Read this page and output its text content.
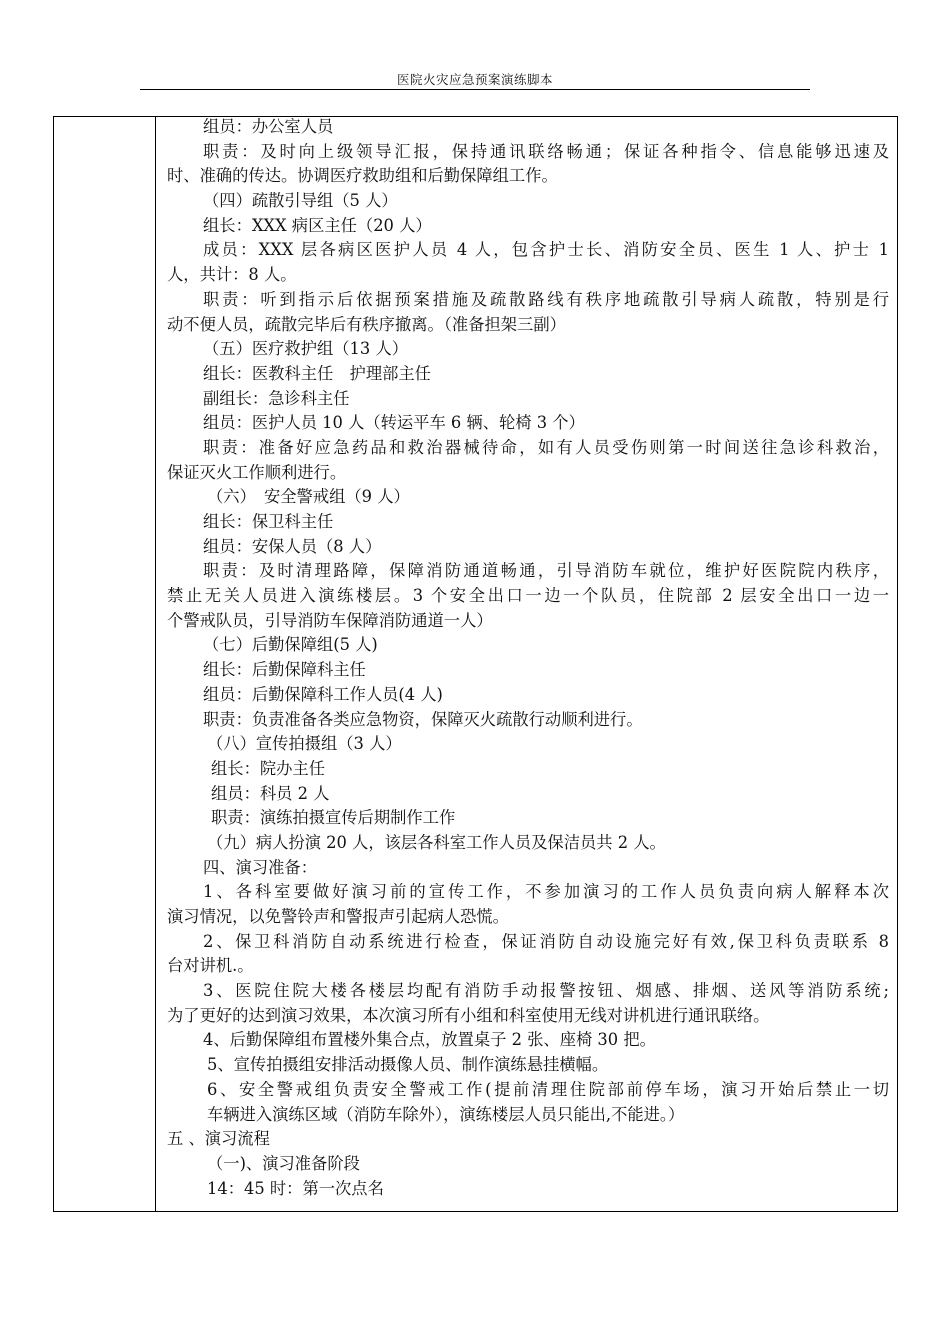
医院火灾应急预案演练脚本
组员：办公室人员
职责：及时向上级领导汇报，保持通讯联络畅通；保证各种指令、信息能够迅速及
时、准确的传达。协调医疗救助组和后勤保障组工作。
（四）疏散引导组（5 人）
组长：XXX 病区主任（20 人）
成员：XXX 层各病区医护人员 4 人，包含护士长、消防安全员、医生 1 人、护士 1
人，共计：8 人。
职责：听到指示后依据预案措施及疏散路线有秩序地疏散引导病人疏散，特别是行
动不便人员，疏散完毕后有秩序撤离。（准备担架三副）
（五）医疗救护组（13 人）
组长：医教科主任　护理部主任
副组长：急诊科主任
组员：医护人员 10 人（转运平车 6 辆、轮椅 3 个）
职责：准备好应急药品和救治器械待命，如有人员受伤则第一时间送往急诊科救治，
保证灭火工作顺利进行。
（六）　安全警戒组（9 人）
组长：保卫科主任
组员：安保人员（8 人）
职责：及时清理路障，保障消防通道畅通，引导消防车就位，维护好医院院内秩序，
禁止无关人员进入演练楼层。3 个安全出口一边一个队员，住院部 2 层安全出口一边一
个警戒队员，引导消防车保障消防通道一人）
（七）后勤保障组(5 人)
组长：后勤保障科主任
组员：后勤保障科工作人员(4 人)
职责：负责准备各类应急物资，保障灭火疏散行动顺利进行。
（八）宣传拍摄组（3 人）
组长：院办主任
组员：科员 2 人
职责：演练拍摄宣传后期制作工作
（九）病人扮演 20 人，该层各科室工作人员及保洁员共 2 人。
四、演习准备：
1、各科室要做好演习前的宣传工作，不参加演习的工作人员负责向病人解释本次
演习情况，以免警铃声和警报声引起病人恐慌。
2、保卫科消防自动系统进行检查，保证消防自动设施完好有效,保卫科负责联系 8
台对讲机.。
3、医院住院大楼各楼层均配有消防手动报警按钮、烟感、排烟、送风等消防系统;
为了更好的达到演习效果，本次演习所有小组和科室使用无线对讲机进行通讯联络。
4、后勤保障组布置楼外集合点，放置桌子 2 张、座椅 30 把。
5、宣传拍摄组安排活动摄像人员、制作演练悬挂横幅。
6、安全警戒组负责安全警戒工作(提前清理住院部前停车场，演习开始后禁止一切
车辆进入演练区域（消防车除外），演练楼层人员只能出,不能进。）
五 、演习流程
（一)、演习准备阶段
14：45 时：第一次点名
